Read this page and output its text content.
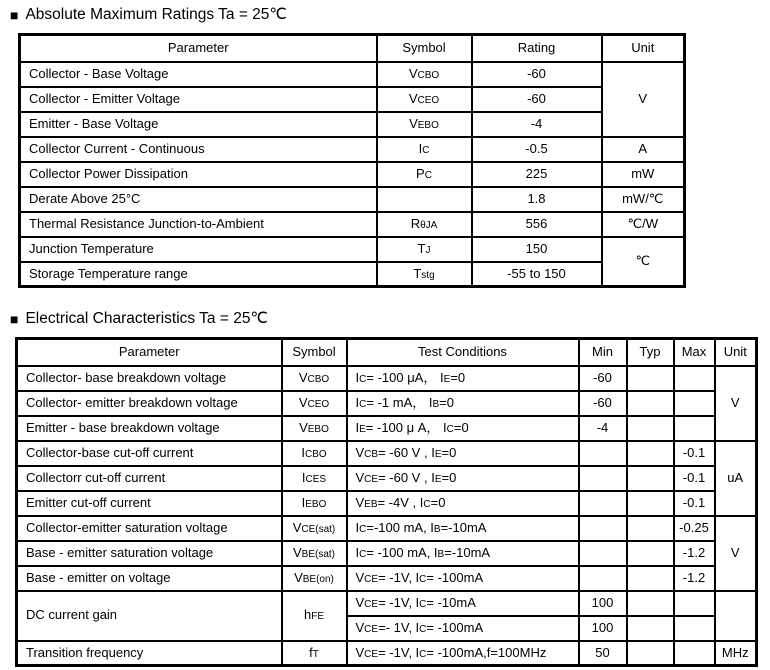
■ Absolute Maximum Ratings Ta = 25℃
Parameter	Symbol	Rating	Unit
Collector - Base Voltage	VCBO	-60	V
Collector - Emitter Voltage	VCEO	-60	
Emitter - Base Voltage	VEBO	-4	
Collector Current - Continuous	IC	-0.5	A
Collector Power Dissipation	PC	225	mW
Derate Above 25°C		1.8	mW/℃
Thermal Resistance Junction-to-Ambient	RθJA	556	℃/W
Junction Temperature	TJ	150	℃
Storage Temperature range	Tstg	-55 to 150	
■ Electrical Characteristics Ta = 25℃
Parameter	Symbol	Test Conditions	Min	Typ	Max	Unit
Collector- base breakdown voltage	VCBO	IC= -100 μA， IE=0	-60			V
Collector- emitter breakdown voltage	VCEO	IC= -1 mA， IB=0	-60			
Emitter - base breakdown voltage	VEBO	IE= -100 μ A， IC=0	-4			
Collector-base cut-off current	ICBO	VCB= -60 V , IE=0			-0.1	uA
Collectorr cut-off current	ICES	VCE= -60 V , IE=0			-0.1	
Emitter cut-off current	IEBO	VEB= -4V , IC=0			-0.1	
Collector-emitter saturation voltage	VCE(sat)	IC=-100 mA, IB=-10mA			-0.25	V
Base - emitter saturation voltage	VBE(sat)	IC= -100 mA, IB=-10mA			-1.2	
Base - emitter on voltage	VBE(on)	VCE= -1V, IC= -100mA			-1.2	
DC current gain	hFE	VCE= -1V, IC= -10mA	100			
		VCE=- 1V, IC= -100mA	100			
Transition frequency	fT	VCE= -1V, IC= -100mA,f=100MHz	50			MHz
